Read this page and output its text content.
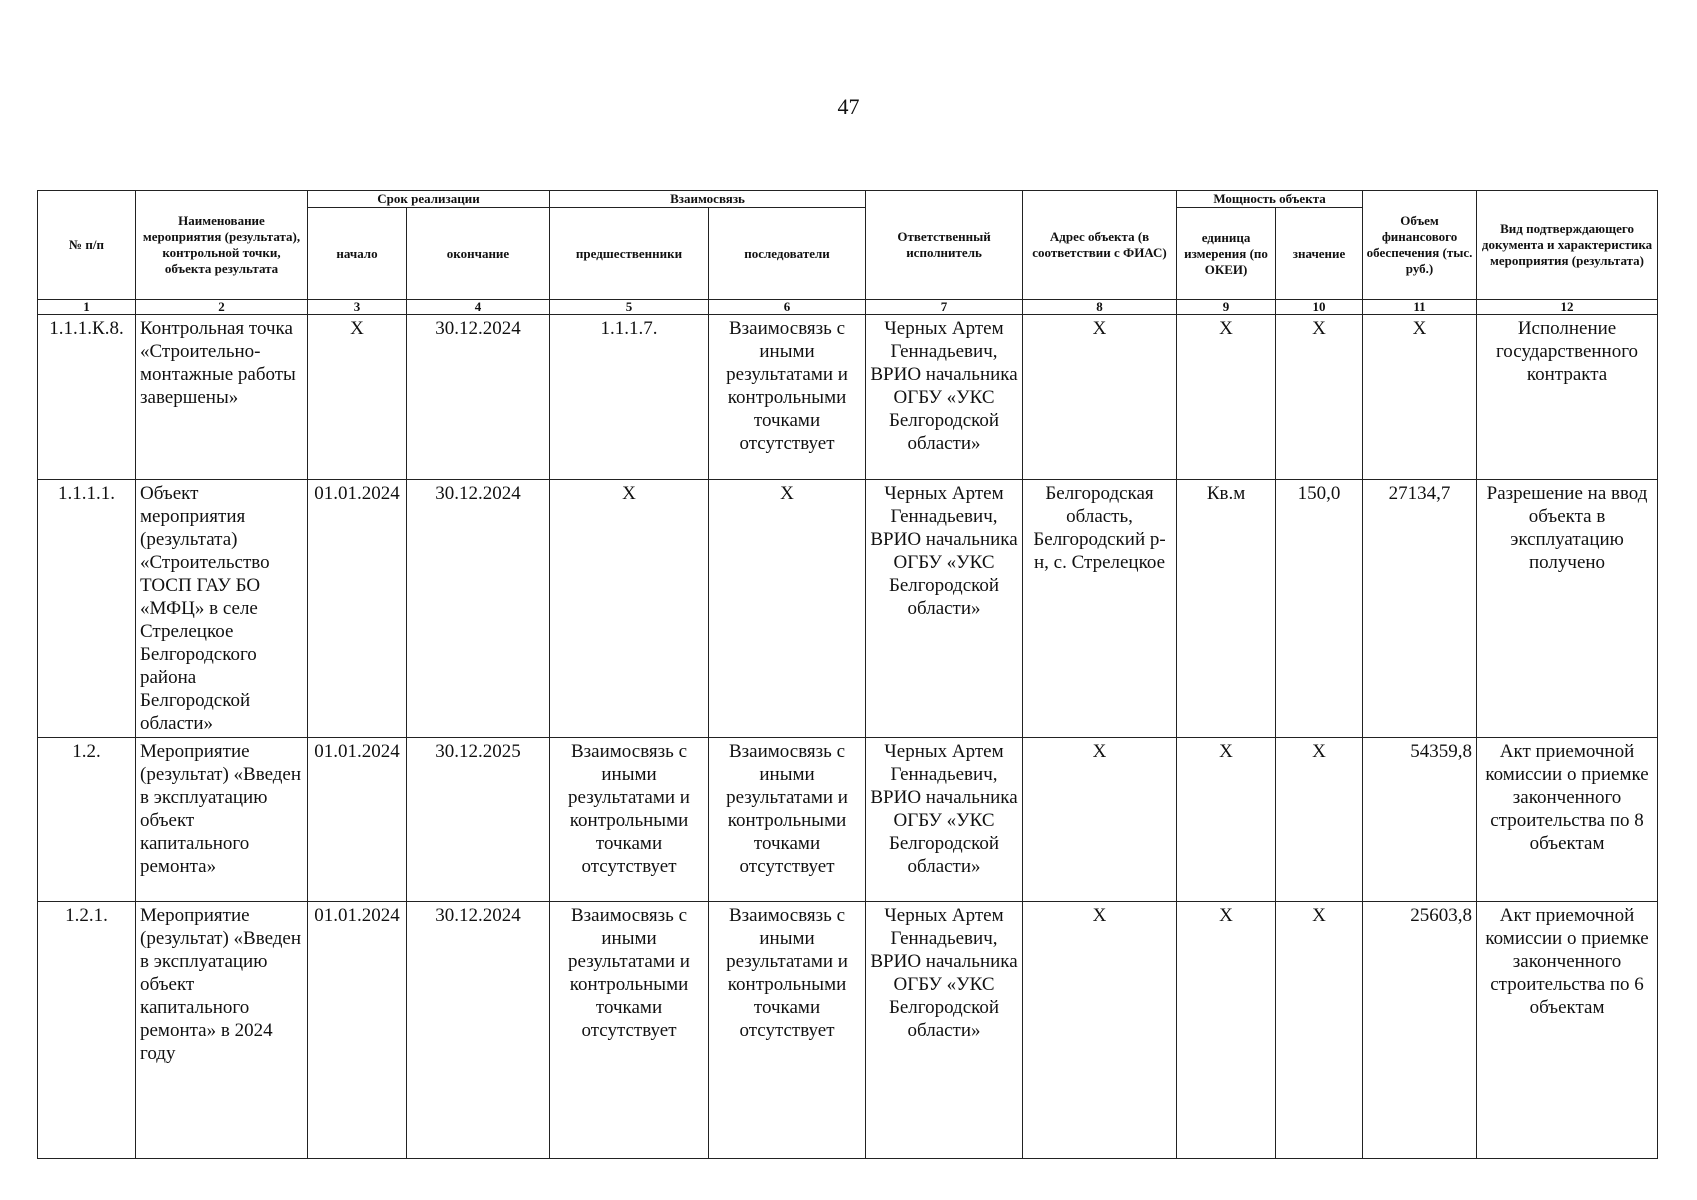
47
№ п/п	Наименование мероприятия (результата), контрольной точки, объекта результата	Срок реализации		Взаимосвязь		Ответственный исполнитель	Адрес объекта (в соответствии с ФИАС)	Мощность объекта		Объем финансового обеспечения (тыс. руб.)	Вид подтверждающего документа и характеристика мероприятия (результата)
		начало	окончание	предшественники	последователи			единица измерения (по ОКЕИ)	значение		
1	2	3	4	5	6	7	8	9	10	11	12
1.1.1.К.8.	Контрольная точка «Строительно-монтажные работы завершены»	X	30.12.2024	1.1.1.7.	Взаимосвязь с иными результатами и контрольными точками отсутствует	Черных Артем Геннадьевич, ВРИО начальника ОГБУ «УКС Белгородской области»	X	X	X	X	Исполнение государственного контракта
1.1.1.1.	Объект мероприятия (результата) «Строительство ТОСП ГАУ БО «МФЦ» в селе Стрелецкое Белгородского района Белгородской области»	01.01.2024	30.12.2024	X	X	Черных Артем Геннадьевич, ВРИО начальника ОГБУ «УКС Белгородской области»	Белгородская область, Белгородский р-н, с. Стрелецкое	Кв.м	150,0	27134,7	Разрешение на ввод объекта в эксплуатацию получено
1.2.	Мероприятие (результат) «Введен в эксплуатацию объект капитального ремонта»	01.01.2024	30.12.2025	Взаимосвязь с иными результатами и контрольными точками отсутствует	Взаимосвязь с иными результатами и контрольными точками отсутствует	Черных Артем Геннадьевич, ВРИО начальника ОГБУ «УКС Белгородской области»	X	X	X	54359,8	Акт приемочной комиссии о приемке законченного строительства по 8 объектам
1.2.1.	Мероприятие (результат) «Введен в эксплуатацию объект капитального ремонта» в 2024 году	01.01.2024	30.12.2024	Взаимосвязь с иными результатами и контрольными точками отсутствует	Взаимосвязь с иными результатами и контрольными точками отсутствует	Черных Артем Геннадьевич, ВРИО начальника ОГБУ «УКС Белгородской области»	X	X	X	25603,8	Акт приемочной комиссии о приемке законченного строительства по 6 объектам
